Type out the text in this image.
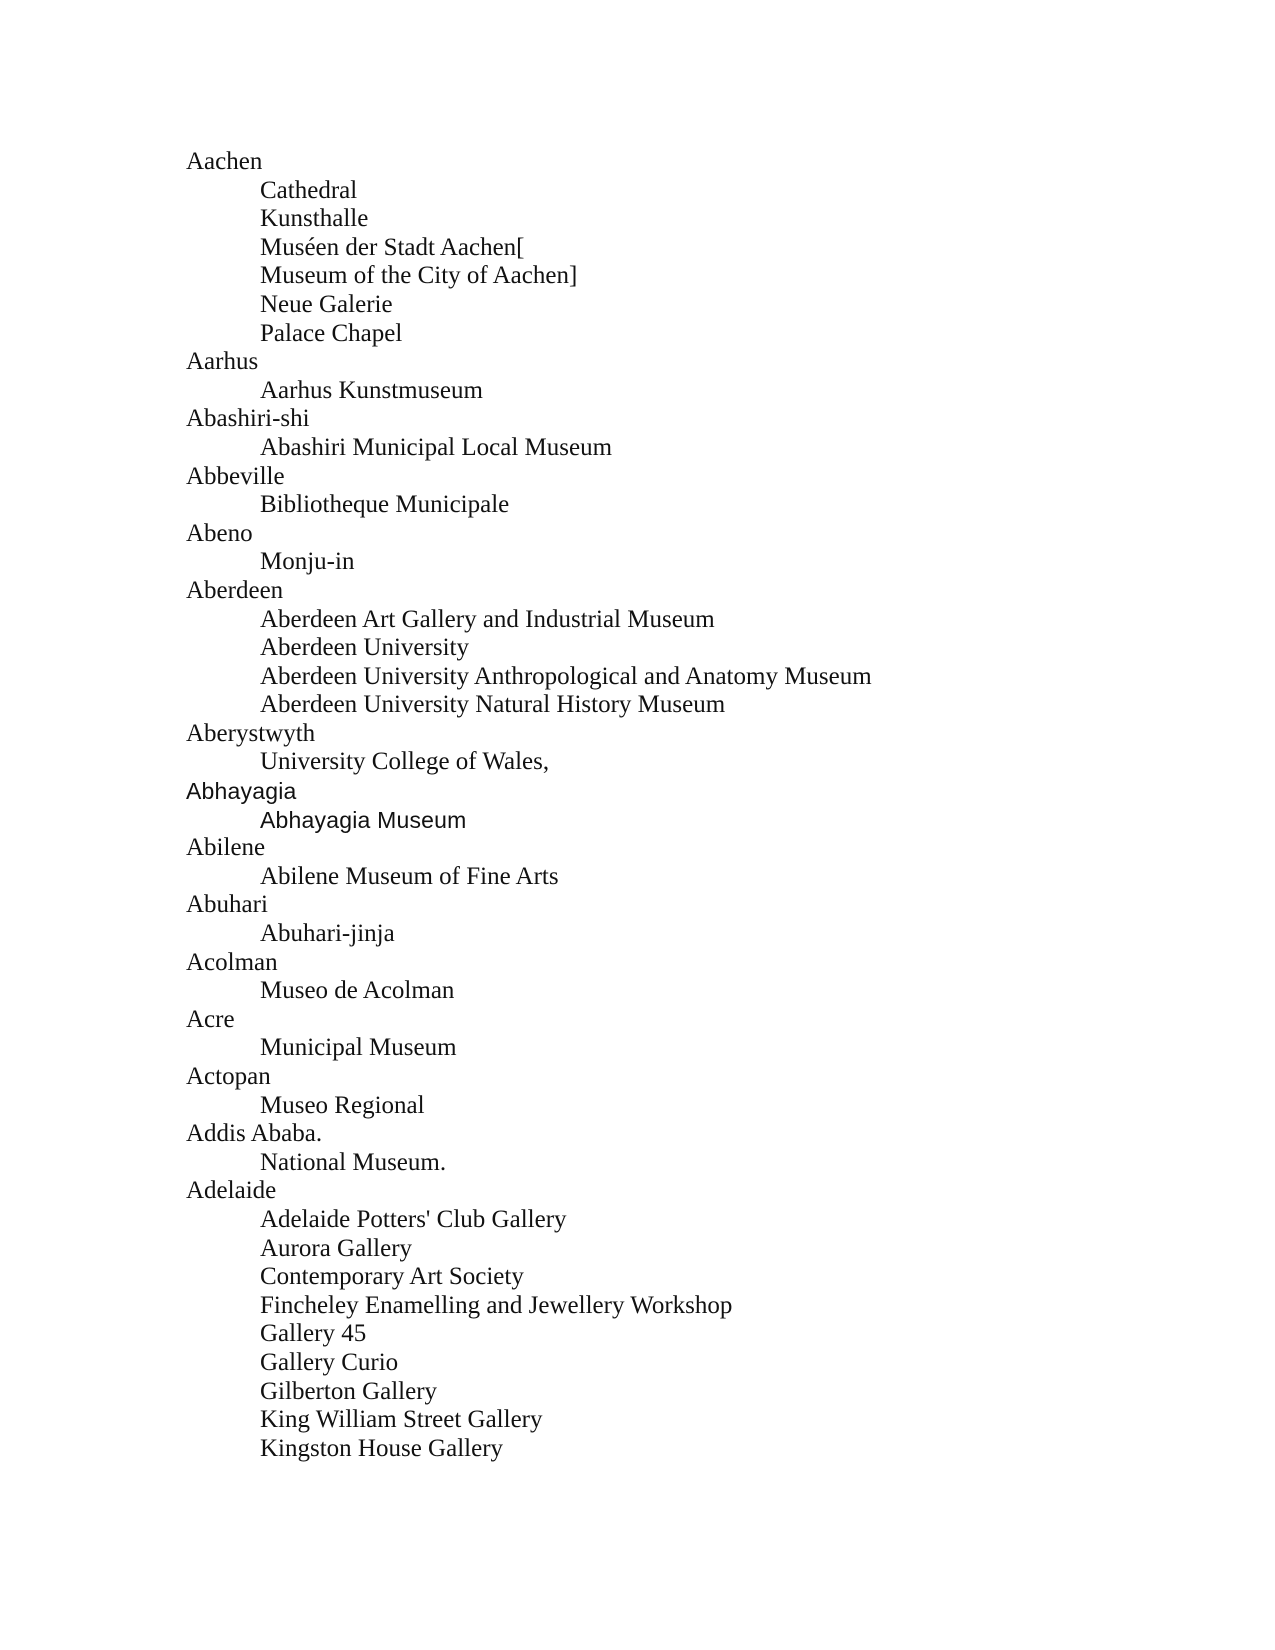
Aachen
Cathedral
Kunsthalle
Muséen der Stadt Aachen[
Museum of the City of Aachen]
Neue Galerie
Palace Chapel
Aarhus
Aarhus Kunstmuseum
Abashiri-shi
Abashiri Municipal Local Museum
Abbeville
Bibliotheque Municipale
Abeno
Monju-in
Aberdeen
Aberdeen Art Gallery and Industrial Museum
Aberdeen University
Aberdeen University Anthropological and Anatomy Museum
Aberdeen University Natural History Museum
Aberystwyth
University College of Wales,
Abhayagia
Abhayagia Museum
Abilene
Abilene Museum of Fine Arts
Abuhari
Abuhari-jinja
Acolman
Museo de Acolman
Acre
Municipal Museum
Actopan
Museo Regional
Addis Ababa.
National Museum.
Adelaide
Adelaide Potters' Club Gallery
Aurora Gallery
Contemporary Art Society
Fincheley Enamelling and Jewellery Workshop
Gallery 45
Gallery Curio
Gilberton Gallery
King William Street Gallery
Kingston House Gallery
